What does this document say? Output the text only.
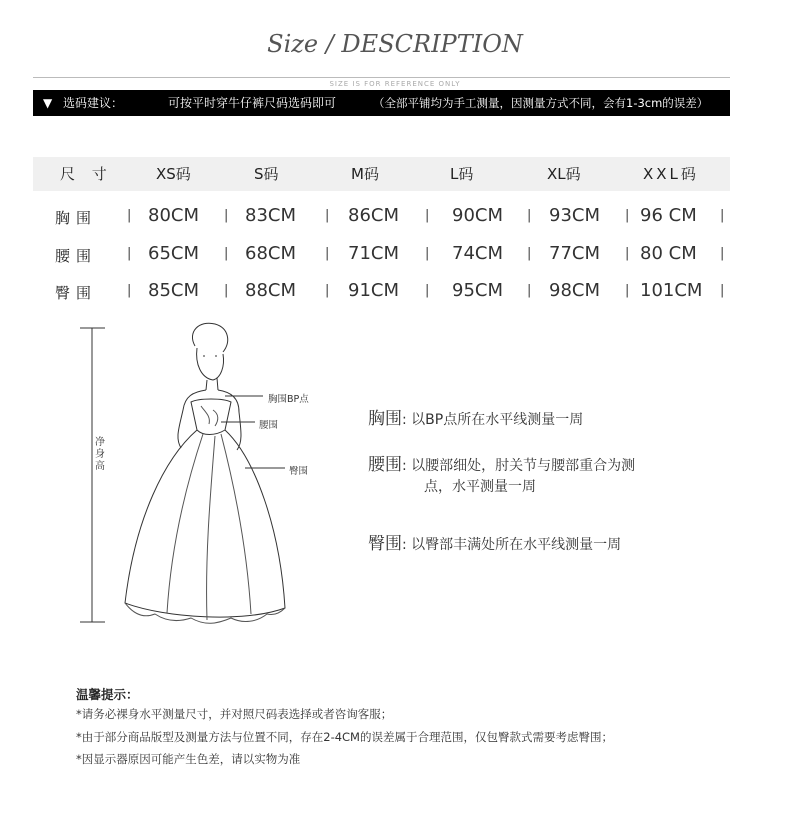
Size / DESCRIPTION
SIZE IS FOR REFERENCE ONLY
▼ 选码建议：	可按平时穿牛仔裤尺码选码即可	（全部平铺均为手工测量，因测量方式不同，会有1-3cm的误差）
尺 寸	XS码	S码	M码	L码	XL码	XXL码
胸围	80CM	83CM	86CM	90CM	93CM 96 CM
腰围	65CM	68CM	71CM	74CM	77CM 80 CM
臀围	85CM	88CM	91CM	95CM	98CM 101CM
|	|	|	|	|	|	|
|	|	|	|	|	|	|
|	|	|	|	|	|	|
胸围BP点
腰围
臀围
净身高
胸围: 以BP点所在水平线测量一周
腰围: 以腰部细处，肘关节与腰部重合为测
点，水平测量一周
臀围: 以臀部丰满处所在水平线测量一周
温馨提示：
*请务必裸身水平测量尺寸，并对照尺码表选择或者咨询客服；
*由于部分商品版型及测量方法与位置不同，存在2-4CM的误差属于合理范围，仅包臀款式需要考虑臀围；
*因显示器原因可能产生色差，请以实物为准
